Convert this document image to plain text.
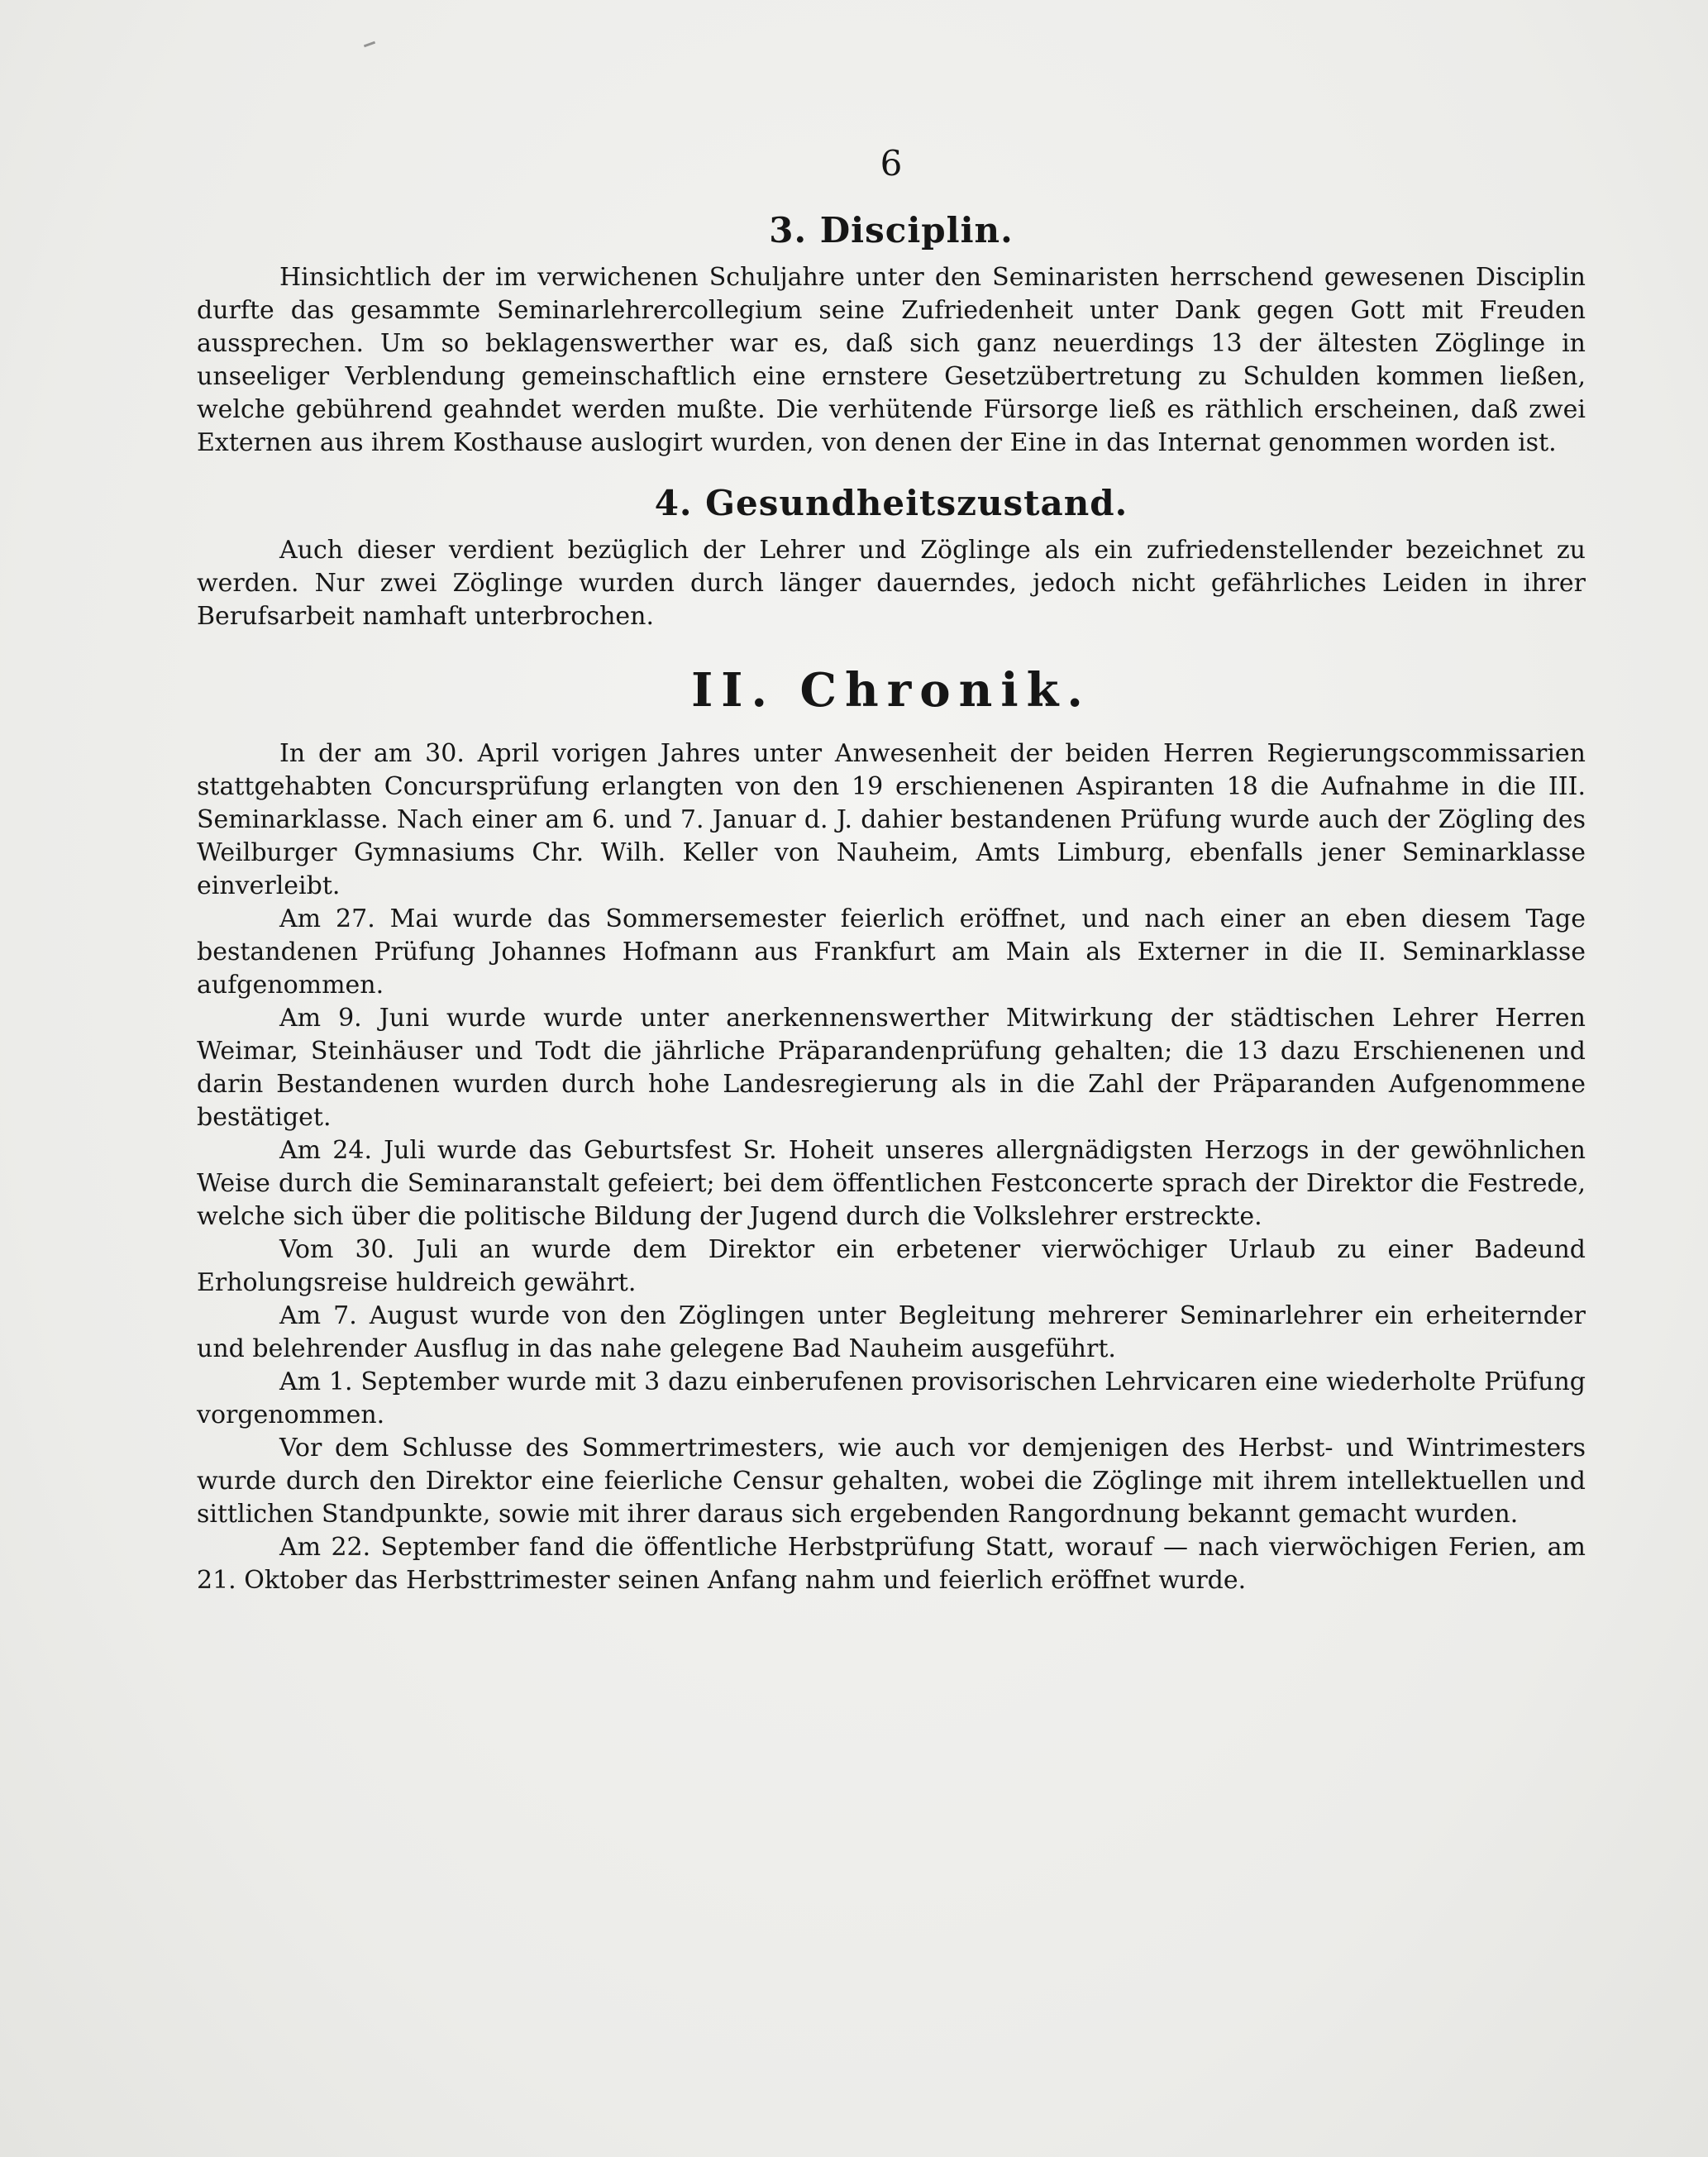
6
3. Disciplin.

Hinsichtlich der im verwichenen Schuljahre unter den Seminaristen herrschend gewesenen Disciplin durfte das gesammte Seminarlehrercollegium seine Zufriedenheit unter Dank gegen Gott mit Freuden aussprechen. Um so beklagenswerther war es, daß sich ganz neuerdings 13 der ältesten Zöglinge in unseeliger Verblendung gemeinschaftlich eine ernstere Gesetzübertretung zu Schulden kommen ließen, welche gebührend geahndet werden mußte. Die verhütende Fürsorge ließ es räthlich erscheinen, daß zwei Externen aus ihrem Kosthause auslogirt wurden, von denen der Eine in das Internat genommen worden ist.

4. Gesundheitszustand.

Auch dieser verdient bezüglich der Lehrer und Zöglinge als ein zufriedenstellender bezeichnet zu werden. Nur zwei Zöglinge wurden durch länger dauerndes, jedoch nicht gefährliches Leiden in ihrer Berufsarbeit namhaft unterbrochen.

II. Chronik.

In der am 30. April vorigen Jahres unter Anwesenheit der beiden Herren Regierungscommissarien stattgehabten Concursprüfung erlangten von den 19 erschienenen Aspiranten 18 die Aufnahme in die III. Seminarklasse. Nach einer am 6. und 7. Januar d. J. dahier bestandenen Prüfung wurde auch der Zögling des Weilburger Gymnasiums Chr. Wilh. Keller von Nauheim, Amts Limburg, ebenfalls jener Seminarklasse einverleibt.

Am 27. Mai wurde das Sommersemester feierlich eröffnet, und nach einer an eben diesem Tage bestandenen Prüfung Johannes Hofmann aus Frankfurt am Main als Externer in die II. Seminarklasse aufgenommen.

Am 9. Juni wurde wurde unter anerkennenswerther Mitwirkung der städtischen Lehrer Herren Weimar, Steinhäuser und Todt die jährliche Präparandenprüfung gehalten; die 13 dazu Erschienenen und darin Bestandenen wurden durch hohe Landesregierung als in die Zahl der Präparanden Aufgenommene bestätiget.

Am 24. Juli wurde das Geburtsfest Sr. Hoheit unseres allergnädigsten Herzogs in der gewöhnlichen Weise durch die Seminaranstalt gefeiert; bei dem öffentlichen Festconcerte sprach der Direktor die Festrede, welche sich über die politische Bildung der Jugend durch die Volkslehrer erstreckte.

Vom 30. Juli an wurde dem Direktor ein erbetener vierwöchiger Urlaub zu einer Badeund Erholungsreise huldreich gewährt.

Am 7. August wurde von den Zöglingen unter Begleitung mehrerer Seminarlehrer ein erheiternder und belehrender Ausflug in das nahe gelegene Bad Nauheim ausgeführt.

Am 1. September wurde mit 3 dazu einberufenen provisorischen Lehrvicaren eine wiederholte Prüfung vorgenommen.

Vor dem Schlusse des Sommertrimesters, wie auch vor demjenigen des Herbst- und Wintrimesters wurde durch den Direktor eine feierliche Censur gehalten, wobei die Zöglinge mit ihrem intellektuellen und sittlichen Standpunkte, sowie mit ihrer daraus sich ergebenden Rangordnung bekannt gemacht wurden.

Am 22. September fand die öffentliche Herbstprüfung Statt, worauf — nach vierwöchigen Ferien, am 21. Oktober das Herbsttrimester seinen Anfang nahm und feierlich eröffnet wurde.
